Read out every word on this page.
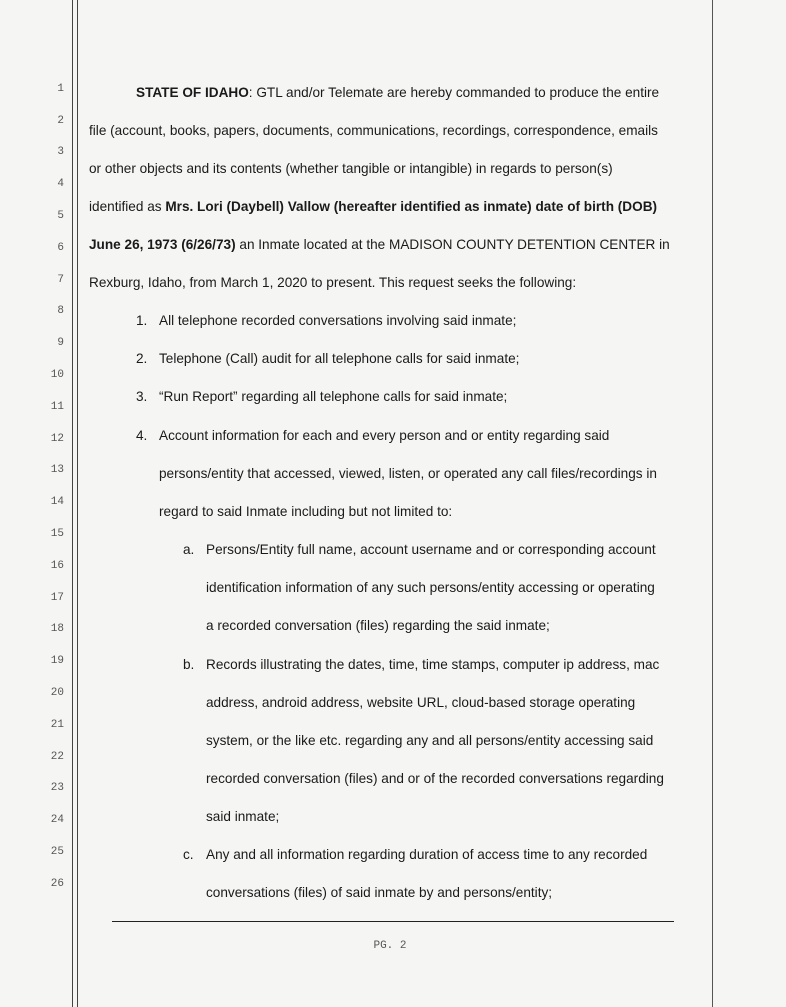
1
2
3
4
5
6
7
8
9
10
11
12
13
14
15
16
17
18
19
20
21
22
23
24
25
26
STATE OF IDAHO: GTL and/or Telemate are hereby commanded to produce the entire
file (account, books, papers, documents, communications, recordings, correspondence, emails
or other objects and its contents (whether tangible or intangible) in regards to person(s)
identified as Mrs. Lori (Daybell) Vallow (hereafter identified as inmate) date of birth (DOB)
June 26, 1973 (6/26/73) an Inmate located at the MADISON COUNTY DETENTION CENTER in
Rexburg, Idaho, from March 1, 2020 to present. This request seeks the following:
1. All telephone recorded conversations involving said inmate;
2. Telephone (Call) audit for all telephone calls for said inmate;
3. “Run Report” regarding all telephone calls for said inmate;
4. Account information for each and every person and or entity regarding said
persons/entity that accessed, viewed, listen, or operated any call files/recordings in
regard to said Inmate including but not limited to:
a. Persons/Entity full name, account username and or corresponding account
identification information of any such persons/entity accessing or operating
a recorded conversation (files) regarding the said inmate;
b. Records illustrating the dates, time, time stamps, computer ip address, mac
address, android address, website URL, cloud-based storage operating
system, or the like etc. regarding any and all persons/entity accessing said
recorded conversation (files) and or of the recorded conversations regarding
said inmate;
c. Any and all information regarding duration of access time to any recorded
conversations (files) of said inmate by and persons/entity;
PG. 2
